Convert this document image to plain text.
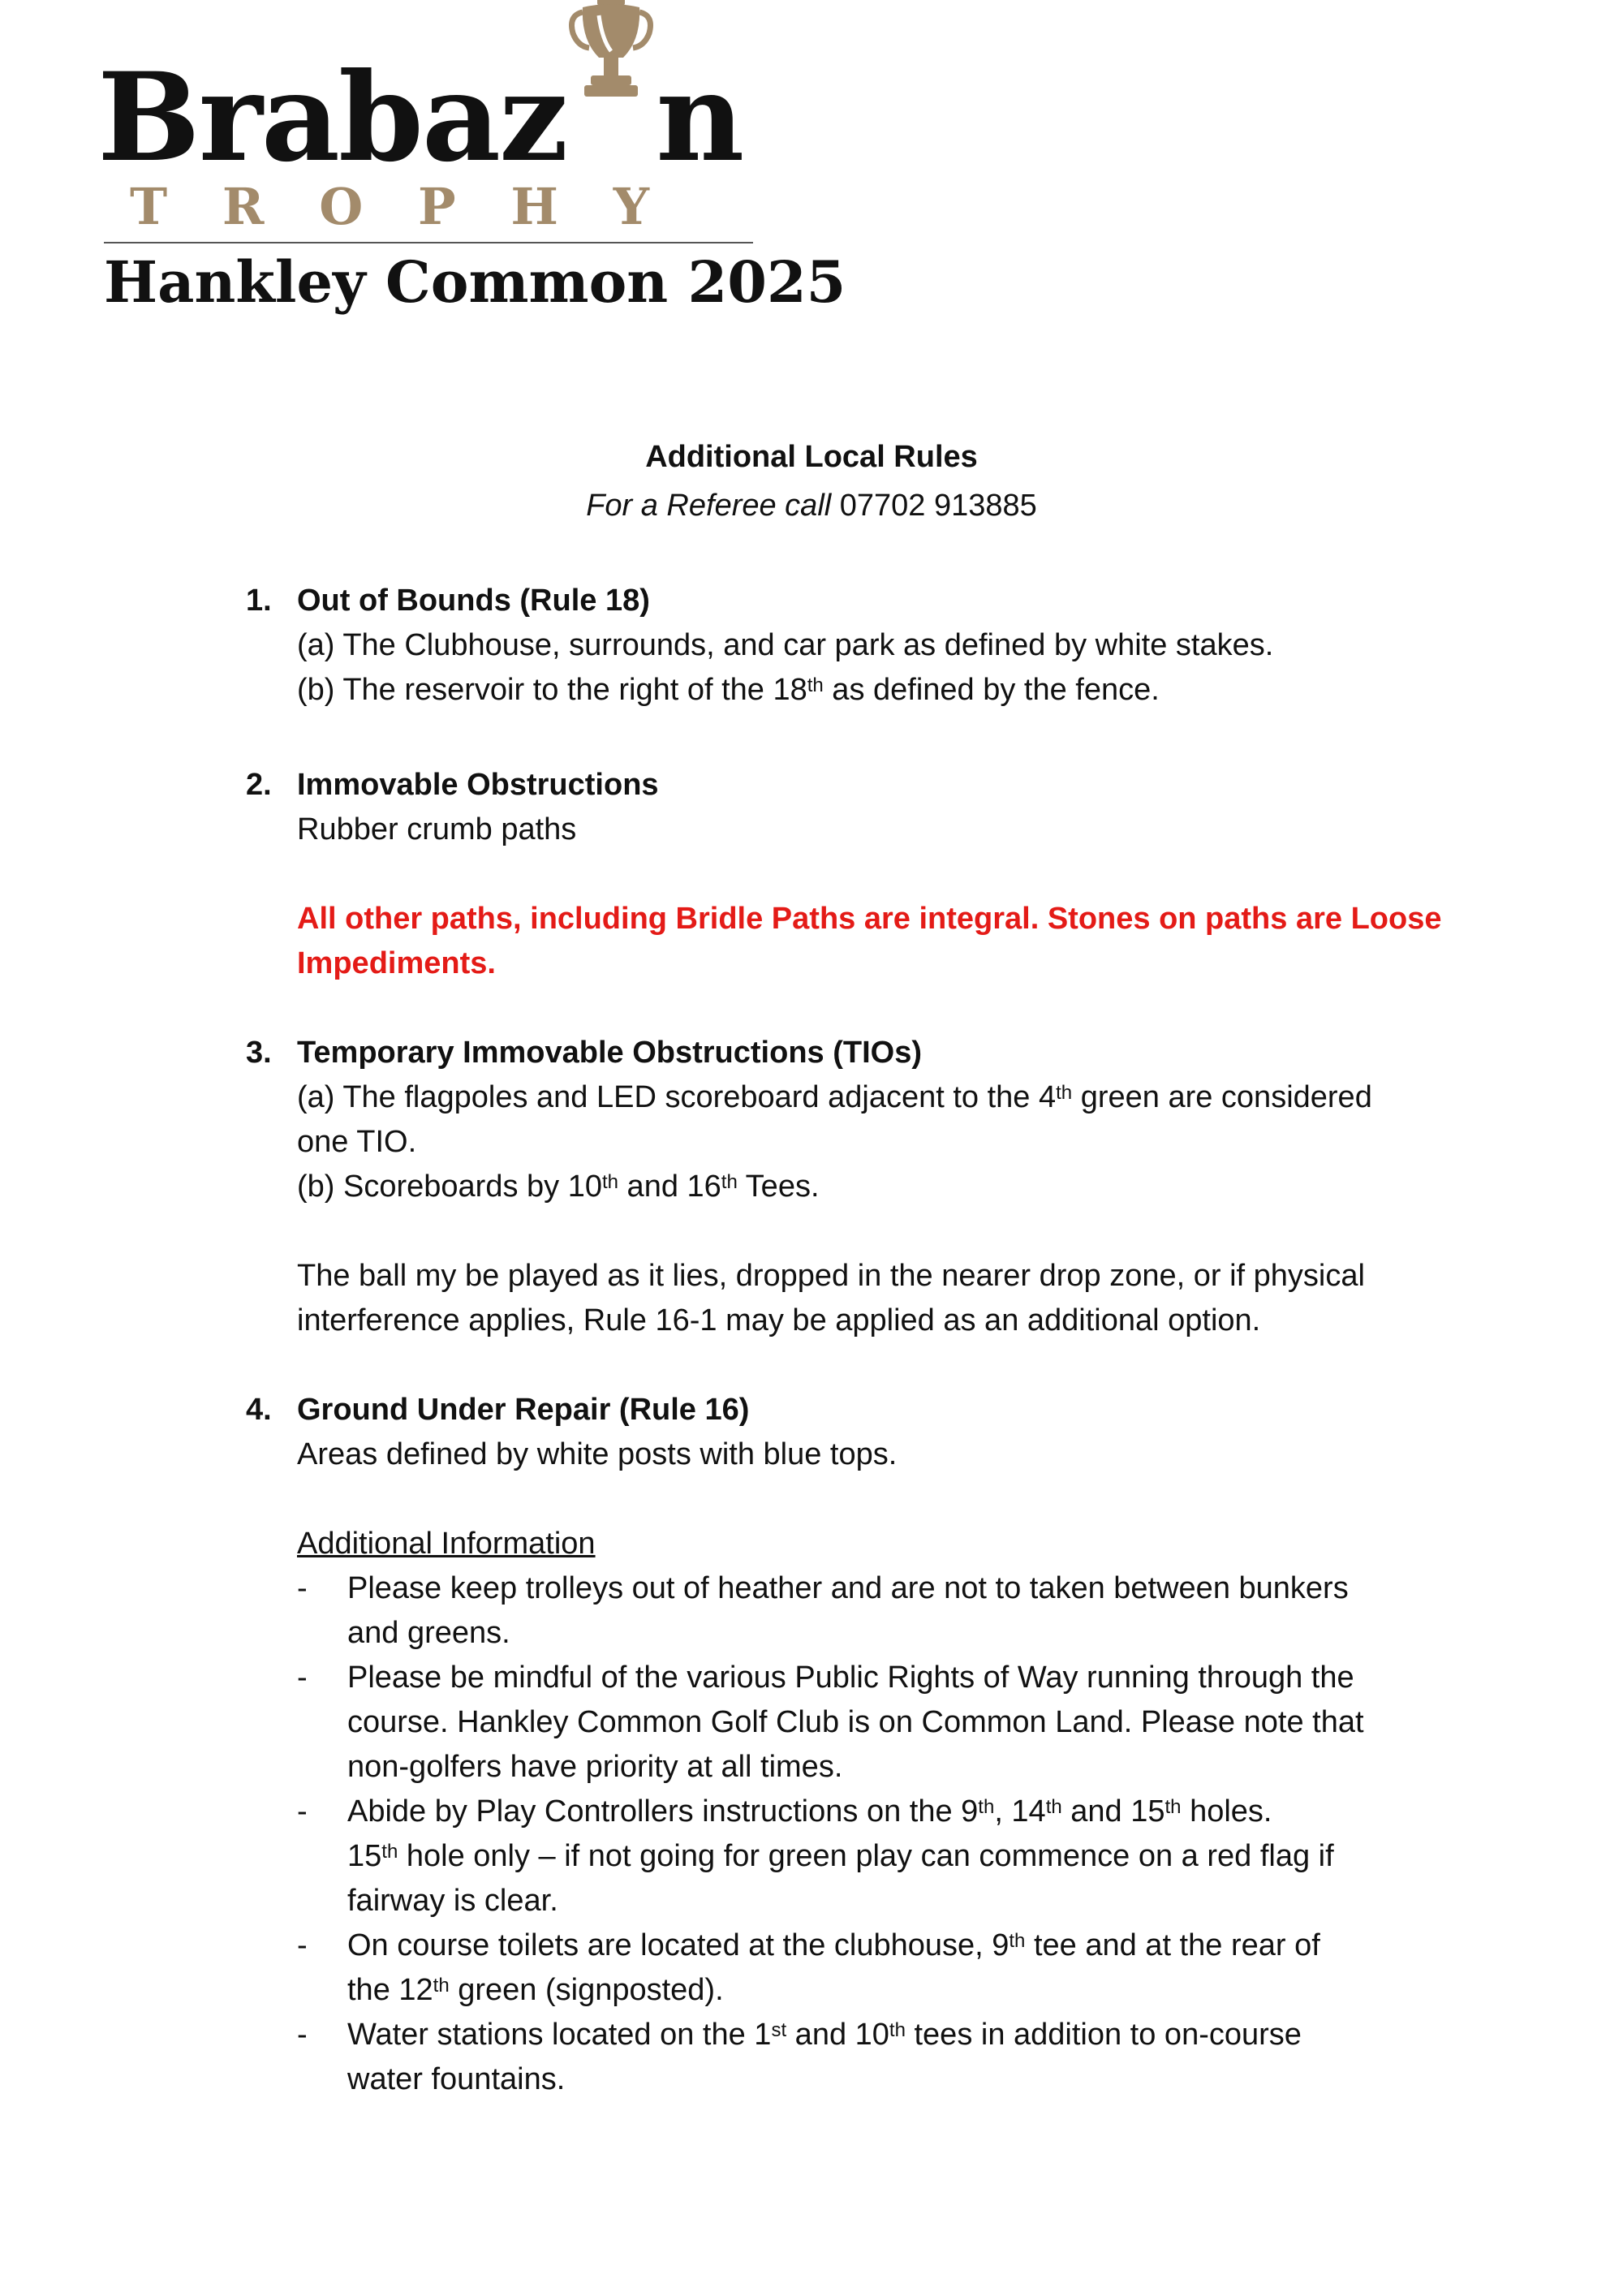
Brabaz n
T R O P H Y
Hankley Common 2025
Additional Local Rules
For a Referee call 07702 913885
1. Out of Bounds (Rule 18)
(a) The Clubhouse, surrounds, and car park as defined by white stakes.
(b) The reservoir to the right of the 18th as defined by the fence.
2. Immovable Obstructions
Rubber crumb paths
All other paths, including Bridle Paths are integral. Stones on paths are Loose
Impediments.
3. Temporary Immovable Obstructions (TIOs)
(a) The flagpoles and LED scoreboard adjacent to the 4th green are considered
one TIO.
(b) Scoreboards by 10th and 16th Tees.
The ball my be played as it lies, dropped in the nearer drop zone, or if physical
interference applies, Rule 16-1 may be applied as an additional option.
4. Ground Under Repair (Rule 16)
Areas defined by white posts with blue tops.
Additional Information
-	Please keep trolleys out of heather and are not to taken between bunkers
and greens.
-	Please be mindful of the various Public Rights of Way running through the
course. Hankley Common Golf Club is on Common Land. Please note that
non-golfers have priority at all times.
-	Abide by Play Controllers instructions on the 9th, 14th and 15th holes.
15th hole only – if not going for green play can commence on a red flag if
fairway is clear.
-	On course toilets are located at the clubhouse, 9th tee and at the rear of
the 12th green (signposted).
-	Water stations located on the 1st and 10th tees in addition to on-course
water fountains.
